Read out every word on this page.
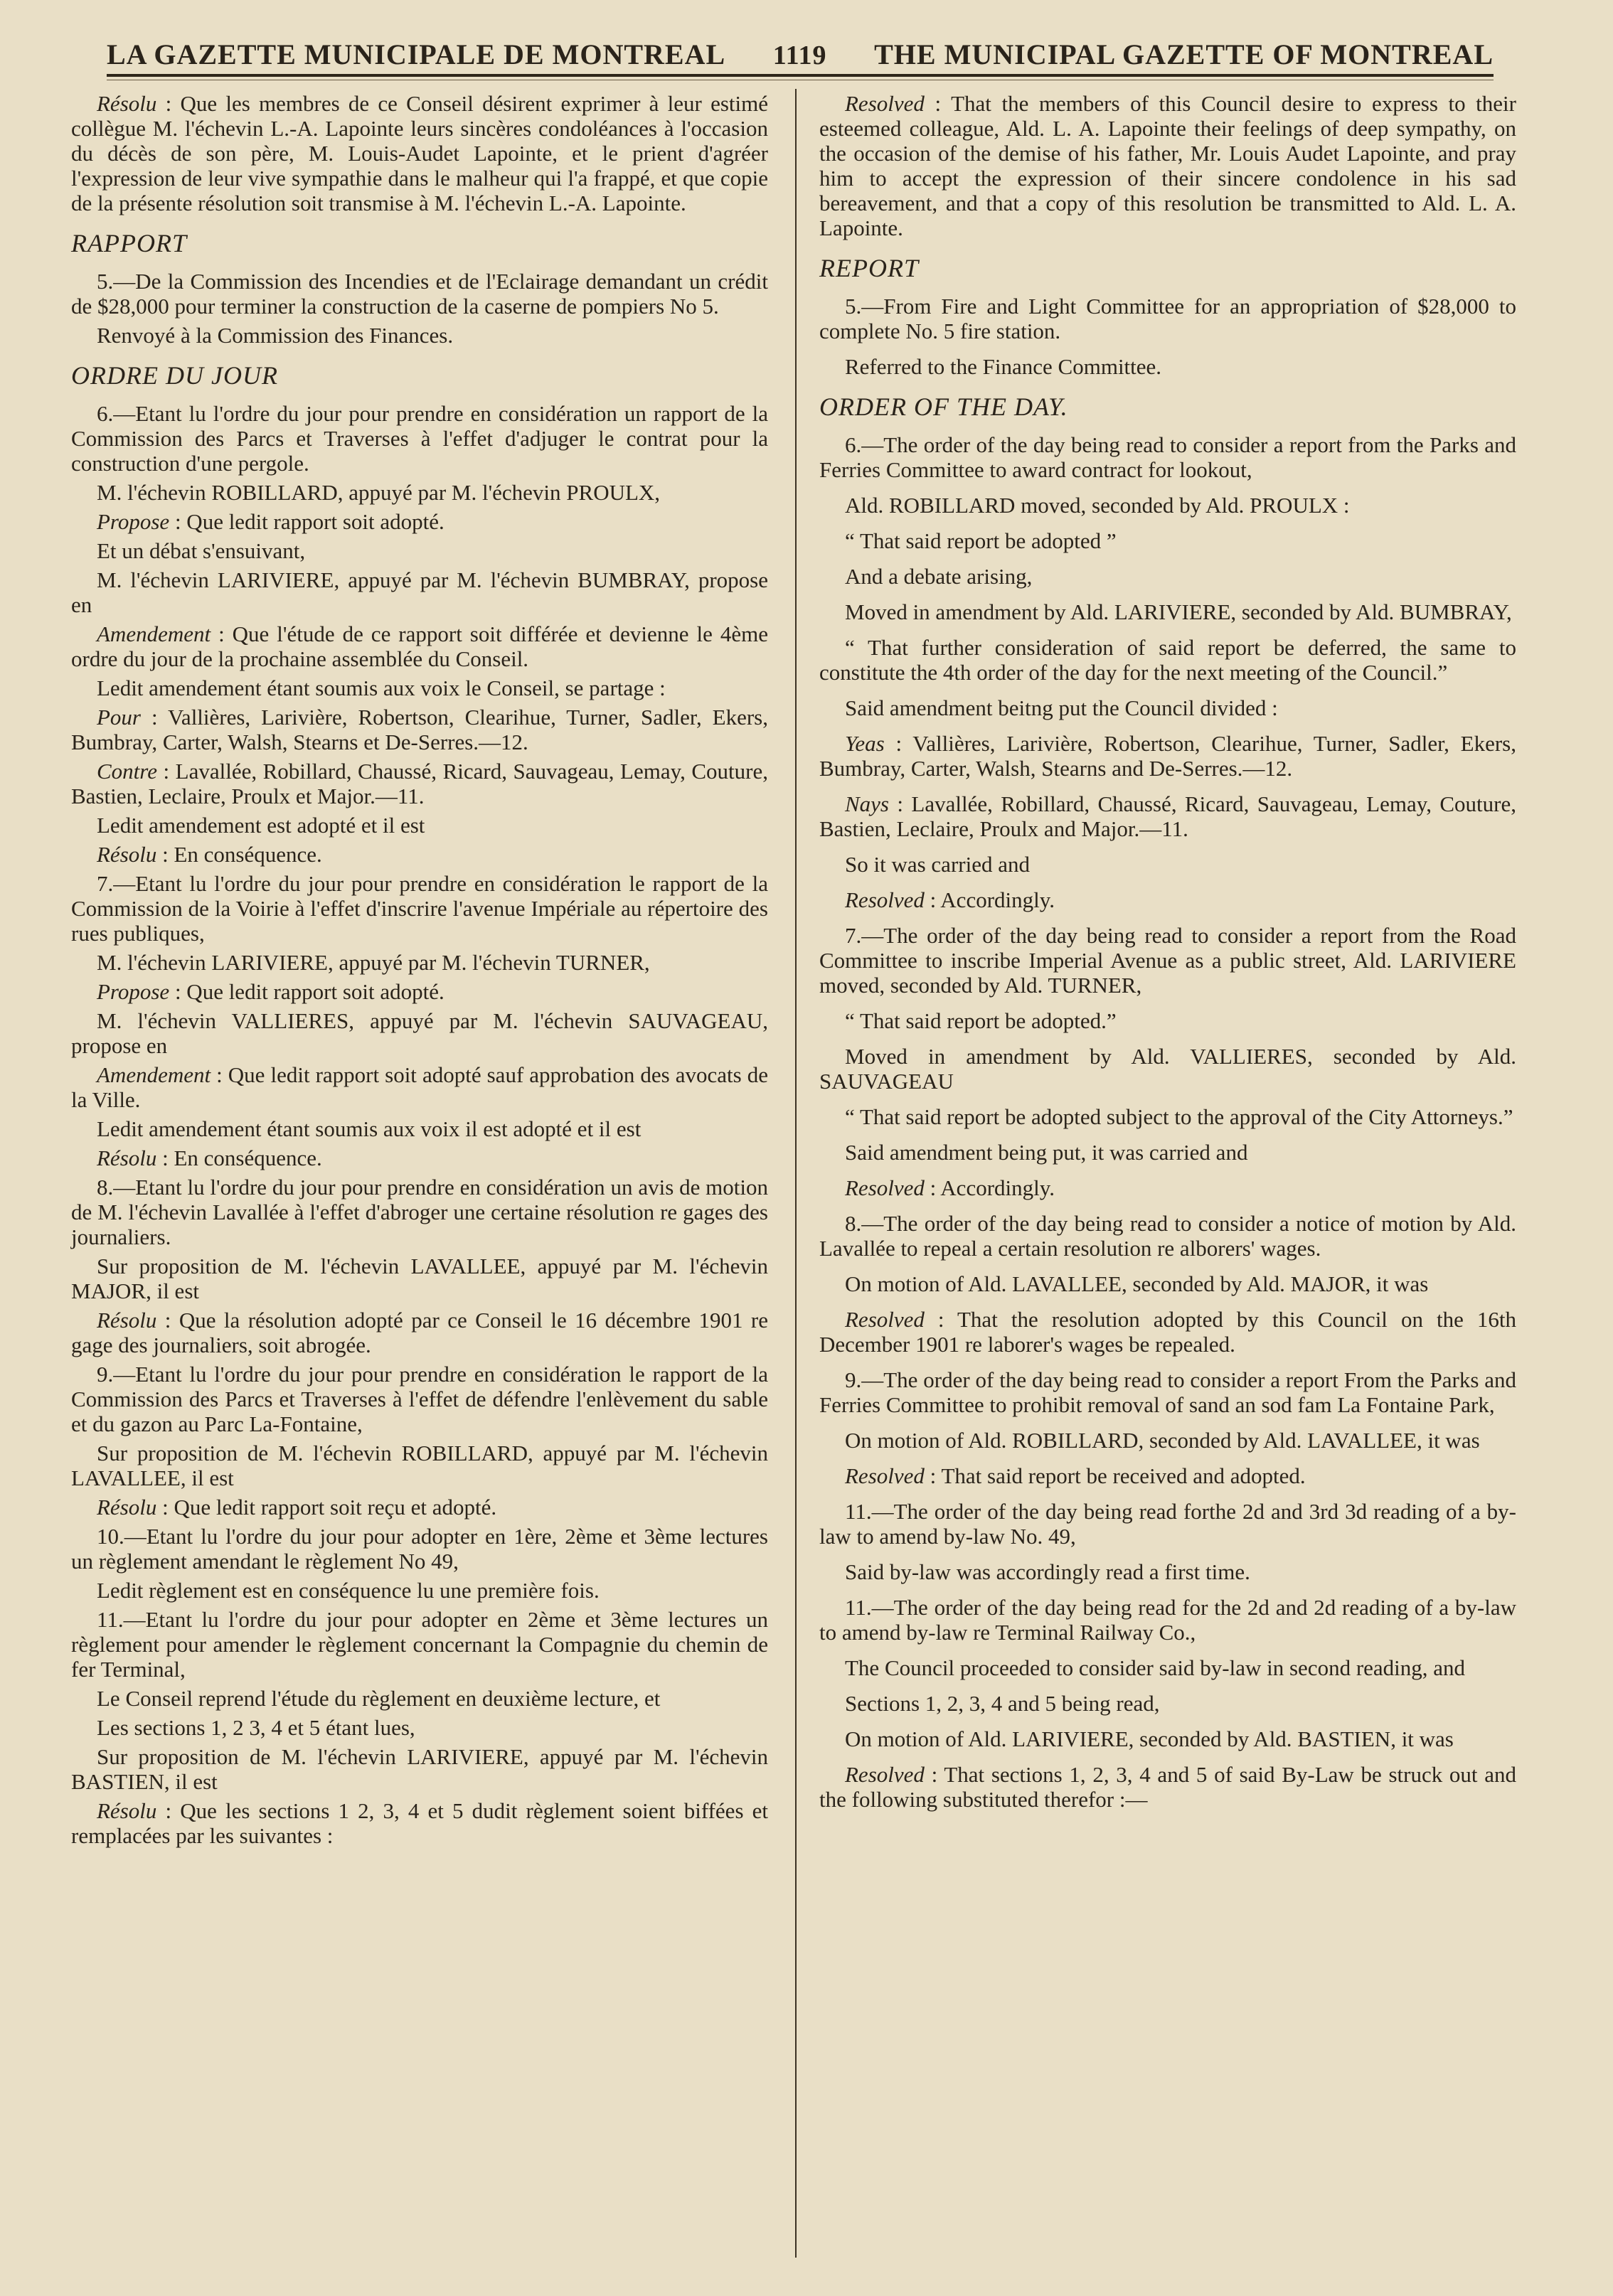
LA GAZETTE MUNICIPALE DE MONTREAL 1119 THE MUNICIPAL GAZETTE OF MONTREAL

Résolu : Que les membres de ce Conseil désirent exprimer à leur estimé collègue M. l'échevin L.-A. Lapointe leurs sincères condoléances à l'occasion du décès de son père, M. Louis-Audet Lapointe, et le prient d'agréer l'expression de leur vive sympathie dans le malheur qui l'a frappé, et que copie de la présente résolution soit transmise à M. l'échevin L.-A. Lapointe.

RAPPORT

5.—De la Commission des Incendies et de l'Eclairage demandant un crédit de $28,000 pour terminer la construction de la caserne de pompiers No 5.

Renvoyé à la Commission des Finances.

ORDRE DU JOUR

6.—Etant lu l'ordre du jour pour prendre en considération un rapport de la Commission des Parcs et Traverses à l'effet d'adjuger le contrat pour la construction d'une pergole.

M. l'échevin ROBILLARD, appuyé par M. l'échevin PROULX,

Propose : Que ledit rapport soit adopté.

Et un débat s'ensuivant,

M. l'échevin LARIVIERE, appuyé par M. l'échevin BUMBRAY, propose en

Amendement : Que l'étude de ce rapport soit différée et devienne le 4ème ordre du jour de la prochaine assemblée du Conseil.

Ledit amendement étant soumis aux voix le Conseil, se partage :

Pour : Vallières, Larivière, Robertson, Clearihue, Turner, Sadler, Ekers, Bumbray, Carter, Walsh, Stearns et De-Serres.—12.

Contre : Lavallée, Robillard, Chaussé, Ricard, Sauvageau, Lemay, Couture, Bastien, Leclaire, Proulx et Major.—11.

Ledit amendement est adopté et il est

Résolu : En conséquence.

7.—Etant lu l'ordre du jour pour prendre en considération le rapport de la Commission de la Voirie à l'effet d'inscrire l'avenue Impériale au répertoire des rues publiques,

M. l'échevin LARIVIERE, appuyé par M. l'échevin TURNER,

Propose : Que ledit rapport soit adopté.

M. l'échevin VALLIERES, appuyé par M. l'échevin SAUVAGEAU, propose en

Amendement : Que ledit rapport soit adopté sauf approbation des avocats de la Ville.

Ledit amendement étant soumis aux voix il est adopté et il est

Résolu : En conséquence.

8.—Etant lu l'ordre du jour pour prendre en considération un avis de motion de M. l'échevin Lavallée à l'effet d'abroger une certaine résolution re gages des journaliers.

Sur proposition de M. l'échevin LAVALLEE, appuyé par M. l'échevin MAJOR, il est

Résolu : Que la résolution adopté par ce Conseil le 16 décembre 1901 re gage des journaliers, soit abrogée.

9.—Etant lu l'ordre du jour pour prendre en considération le rapport de la Commission des Parcs et Traverses à l'effet de défendre l'enlèvement du sable et du gazon au Parc La-Fontaine,

Sur proposition de M. l'échevin ROBILLARD, appuyé par M. l'échevin LAVALLEE, il est

Résolu : Que ledit rapport soit reçu et adopté.

10.—Etant lu l'ordre du jour pour adopter en 1ère, 2ème et 3ème lectures un règlement amendant le règlement No 49,

Ledit règlement est en conséquence lu une première fois.

11.—Etant lu l'ordre du jour pour adopter en 2ème et 3ème lectures un règlement pour amender le règlement concernant la Compagnie du chemin de fer Terminal,

Le Conseil reprend l'étude du règlement en deuxième lecture, et

Les sections 1, 2 3, 4 et 5 étant lues,

Sur proposition de M. l'échevin LARIVIERE, appuyé par M. l'échevin BASTIEN, il est

Résolu : Que les sections 1 2, 3, 4 et 5 dudit règlement soient biffées et remplacées par les suivantes :

Resolved : That the members of this Council desire to express to their esteemed colleague, Ald. L. A. Lapointe their feelings of deep sympathy, on the occasion of the demise of his father, Mr. Louis Audet Lapointe, and pray him to accept the expression of their sincere condolence in his sad bereavement, and that a copy of this resolution be transmitted to Ald. L. A. Lapointe.

REPORT

5.—From Fire and Light Committee for an appropriation of $28,000 to complete No. 5 fire station.

Referred to the Finance Committee.

ORDER OF THE DAY.

6.—The order of the day being read to consider a report from the Parks and Ferries Committee to award contract for lookout,

Ald. ROBILLARD moved, seconded by Ald. PROULX :

“ That said report be adopted ”

And a debate arising,

Moved in amendment by Ald. LARIVIERE, seconded by Ald. BUMBRAY,

“ That further consideration of said report be deferred, the same to constitute the 4th order of the day for the next meeting of the Council.”

Said amendment beitng put the Council divided :

Yeas : Vallières, Larivière, Robertson, Clearihue, Turner, Sadler, Ekers, Bumbray, Carter, Walsh, Stearns and De-Serres.—12.

Nays : Lavallée, Robillard, Chaussé, Ricard, Sauvageau, Lemay, Couture, Bastien, Leclaire, Proulx and Major.—11.

So it was carried and

Resolved : Accordingly.

7.—The order of the day being read to consider a report from the Road Committee to inscribe Imperial Avenue as a public street, Ald. LARIVIERE moved, seconded by Ald. TURNER,

“ That said report be adopted.”

Moved in amendment by Ald. VALLIERES, seconded by Ald. SAUVAGEAU

“ That said report be adopted subject to the approval of the City Attorneys.”

Said amendment being put, it was carried and

Resolved : Accordingly.

8.—The order of the day being read to consider a notice of motion by Ald. Lavallée to repeal a certain resolution re alborers' wages.

On motion of Ald. LAVALLEE, seconded by Ald. MAJOR, it was

Resolved : That the resolution adopted by this Council on the 16th December 1901 re laborer's wages be repealed.

9.—The order of the day being read to consider a report From the Parks and Ferries Committee to prohibit removal of sand an sod fam La Fontaine Park,

On motion of Ald. ROBILLARD, seconded by Ald. LAVALLEE, it was

Resolved : That said report be received and adopted.

11.—The order of the day being read forthe 2d and 3rd 3d reading of a by-law to amend by-law No. 49,

Said by-law was accordingly read a first time.

11.—The order of the day being read for the 2d and 2d reading of a by-law to amend by-law re Terminal Railway Co.,

The Council proceeded to consider said by-law in second reading, and

Sections 1, 2, 3, 4 and 5 being read,

On motion of Ald. LARIVIERE, seconded by Ald. BASTIEN, it was

Resolved : That sections 1, 2, 3, 4 and 5 of said By-Law be struck out and the following substituted therefor :—
